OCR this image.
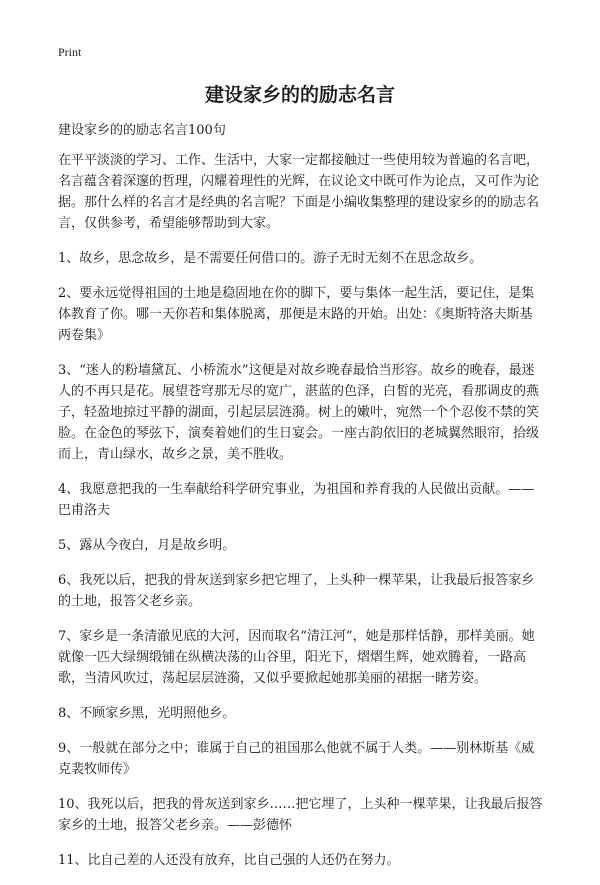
Print
建设家乡的的励志名言

建设家乡的的励志名言100句

在平平淡淡的学习、工作、生活中，大家一定都接触过一些使用较为普遍的名言吧，名言蕴含着深邃的哲理，闪耀着理性的光辉，在议论文中既可作为论点，又可作为论据。那什么样的名言才是经典的名言呢？下面是小编收集整理的建设家乡的的励志名言，仅供参考，希望能够帮助到大家。

1、故乡，思念故乡，是不需要任何借口的。游子无时无刻不在思念故乡。

2、要永远觉得祖国的土地是稳固地在你的脚下，要与集体一起生活，要记住，是集体教育了你。哪一天你若和集体脱离，那便是末路的开始。出处：《奥斯特洛夫斯基两卷集》

3、“迷人的粉墙黛瓦、小桥流水”这便是对故乡晚春最恰当形容。故乡的晚春，最迷人的不再只是花。展望苍穹那无尽的宽广，湛蓝的色泽，白皙的光亮，看那调皮的燕子，轻盈地掠过平静的湖面，引起层层涟漪。树上的嫩叶，宛然一个个忍俊不禁的笑脸。在金色的琴弦下，演奏着她们的生日宴会。一座古韵依旧的老城翼然眼帘，拾级而上，青山绿水，故乡之景，美不胜收。

4、我愿意把我的一生奉献给科学研究事业，为祖国和养育我的人民做出贡献。——巴甫洛夫

5、露从今夜白，月是故乡明。

6、我死以后，把我的骨灰送到家乡把它埋了，上头种一棵苹果，让我最后报答家乡的土地，报答父老乡亲。

7、家乡是一条清澈见底的大河，因而取名“清江河”，她是那样恬静，那样美丽。她就像一匹大绿绸缎铺在纵横决荡的山谷里，阳光下，熠熠生辉，她欢腾着，一路高歌，当清风吹过，荡起层层涟漪，又似乎要掀起她那美丽的裙据一睹芳姿。

8、不顾家乡黑，光明照他乡。

9、一般就在部分之中；谁属于自己的祖国那么他就不属于人类。——别林斯基《威克裴牧师传》

10、我死以后，把我的骨灰送到家乡……把它埋了，上头种一棵苹果，让我最后报答家乡的土地，报答父老乡亲。——彭德怀

11、比自己差的人还没有放弃，比自己强的人还仍在努力。
